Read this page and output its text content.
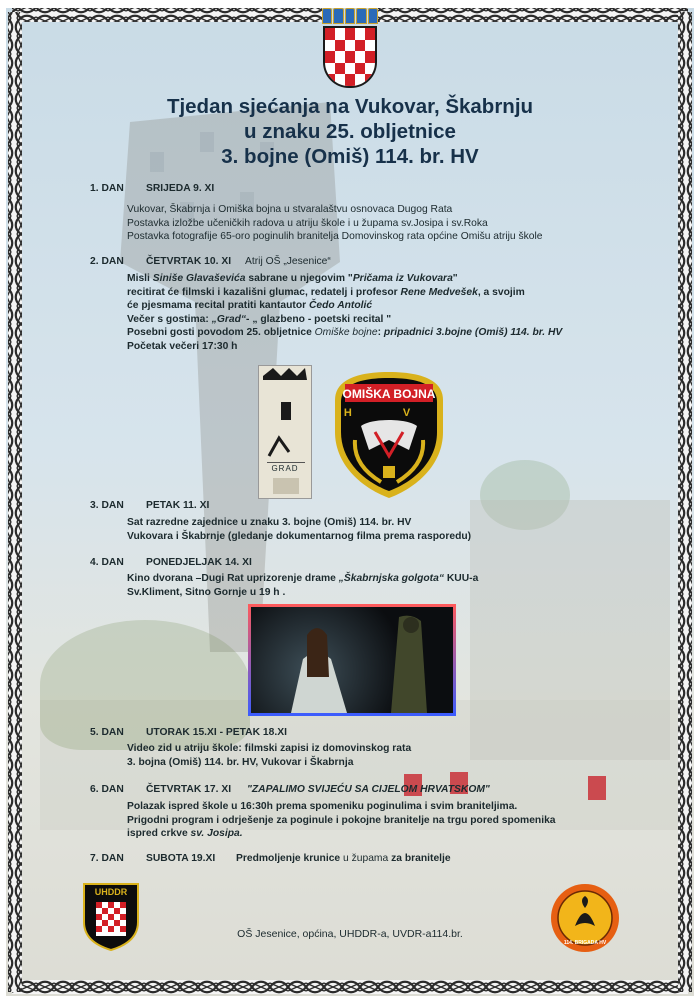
Tjedan sjećanja na Vukovar, Škabrnju
u znaku 25. obljetnice
3. bojne (Omiš) 114. br. HV
1. DAN SRIJEDA 9. XI
Vukovar, Škabrnja i Omiška bojna u stvaralaštvu osnovaca Dugog Rata
Postavka izložbe učeničkih radova u atriju škole i u župama sv.Josipa i sv.Roka
Postavka fotografije 65-oro poginulih branitelja Domovinskog rata općine Omišu atriju škole
2. DAN ČETVRTAK 10. XI Atrij OŠ „Jesenice“
Misli Siniše Glavaševića sabrane u njegovim "Pričama iz Vukovara"
recitirat će filmski i kazališni glumac, redatelj i profesor Rene Medvešek, a svojim
će pjesmama recital pratiti kantautor Čedo Antolić
Večer s gostima: „Grad“- „ glazbeno - poetski recital "
Posebni gosti povodom 25. obljetnice Omiške bojne: pripadnici 3.bojne (Omiš) 114. br. HV
Početak večeri 17:30 h
GRAD
OMIŠKA BOJNA
H V
3. DAN PETAK 11. XI
Sat razredne zajednice u znaku 3. bojne (Omiš) 114. br. HV
Vukovara i Škabrnje (gledanje dokumentarnog filma prema rasporedu)
4. DAN PONEDJELJAK 14. XI
Kino dvorana –Dugi Rat uprizorenje drame „Škabrnjska golgota“ KUU-a
Sv.Kliment, Sitno Gornje u 19 h .
5. DAN UTORAK 15.XI - PETAK 18.XI
Video zid u atriju škole: filmski zapisi iz domovinskog rata
3. bojna (Omiš) 114. br. HV, Vukovar i Škabrnja
6. DAN ČETVRTAK 17. XI "ZAPALIMO SVIJEĆU SA CIJELOM HRVATSKOM"
Polazak ispred škole u 16:30h prema spomeniku poginulima i svim braniteljima.
Prigodni program i odrješenje za poginule i pokojne branitelje na trgu pored spomenika
ispred crkve sv. Josipa.
7. DAN SUBOTA 19.XI Predmoljenje krunice u župama za branitelje
UHDDR
OŠ Jesenice, općina, UHDDR-a, UVDR-a114.br.
114. BRIGADA HV
